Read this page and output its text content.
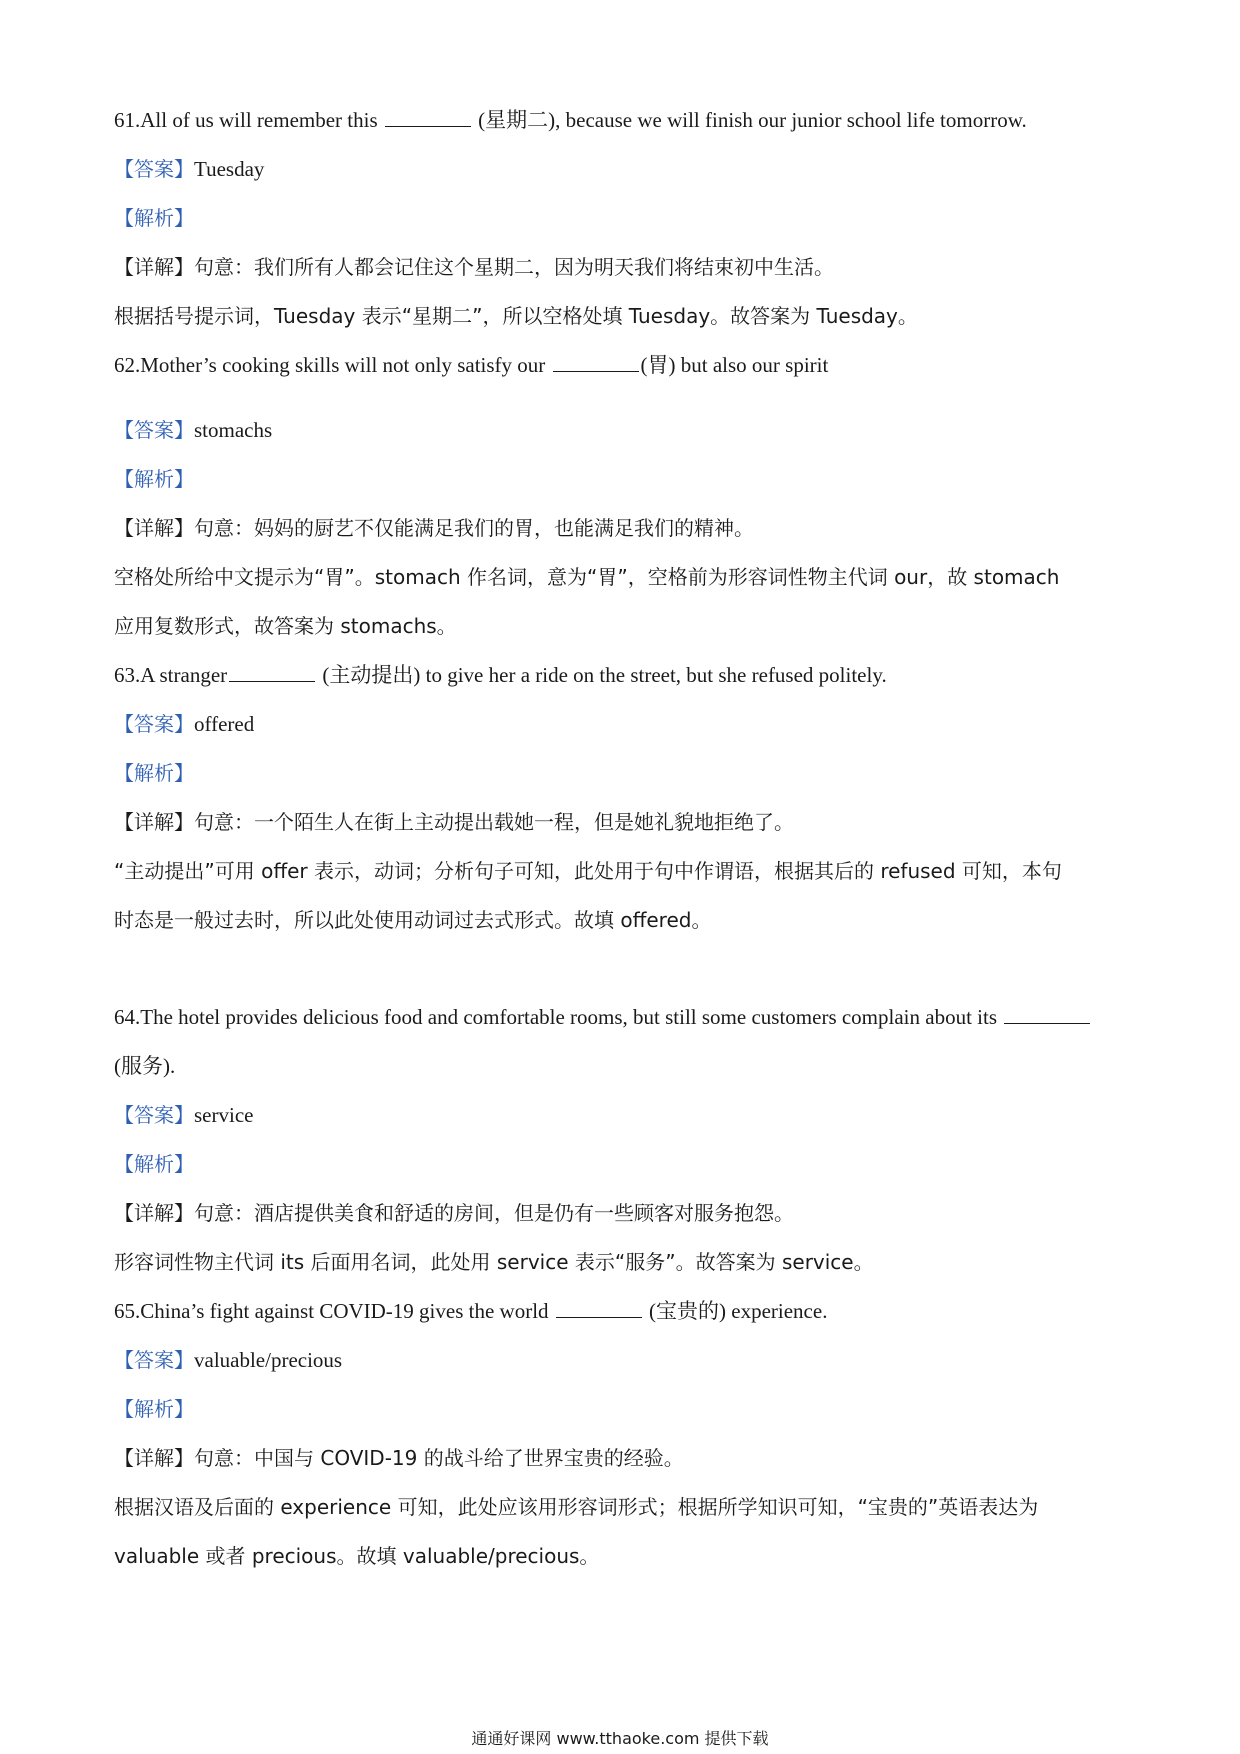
61.All of us will remember this	(星期二), because we will finish our junior school life tomorrow.
【答案】Tuesday
【解析】
【详解】句意：我们所有人都会记住这个星期二，因为明天我们将结束初中生活。
根据括号提示词，Tuesday 表示“星期二”，所以空格处填 Tuesday。故答案为 Tuesday。
62.Mother’s cooking skills will not only satisfy our	(胃) but also our spirit
【答案】stomachs
【解析】
【详解】句意：妈妈的厨艺不仅能满足我们的胃，也能满足我们的精神。
空格处所给中文提示为“胃”。stomach 作名词，意为“胃”，空格前为形容词性物主代词 our，故 stomach
应用复数形式，故答案为 stomachs。
63.A stranger	(主动提出) to give her a ride on the street, but she refused politely.
【答案】offered
【解析】
【详解】句意：一个陌生人在街上主动提出载她一程，但是她礼貌地拒绝了。
“主动提出”可用 offer 表示，动词；分析句子可知，此处用于句中作谓语，根据其后的 refused 可知，本句
时态是一般过去时，所以此处使用动词过去式形式。故填 offered。
64.The hotel provides delicious food and comfortable rooms, but still some customers complain about its
(服务).
【答案】service
【解析】
【详解】句意：酒店提供美食和舒适的房间，但是仍有一些顾客对服务抱怨。
形容词性物主代词 its 后面用名词，此处用 service 表示“服务”。故答案为 service。
65.China’s fight against COVID-19 gives the world	(宝贵的) experience.
【答案】valuable/precious
【解析】
【详解】句意：中国与 COVID-19 的战斗给了世界宝贵的经验。
根据汉语及后面的 experience 可知，此处应该用形容词形式；根据所学知识可知，“宝贵的”英语表达为
valuable 或者 precious。故填 valuable/precious。
通通好课网 www.tthaoke.com 提供下载
